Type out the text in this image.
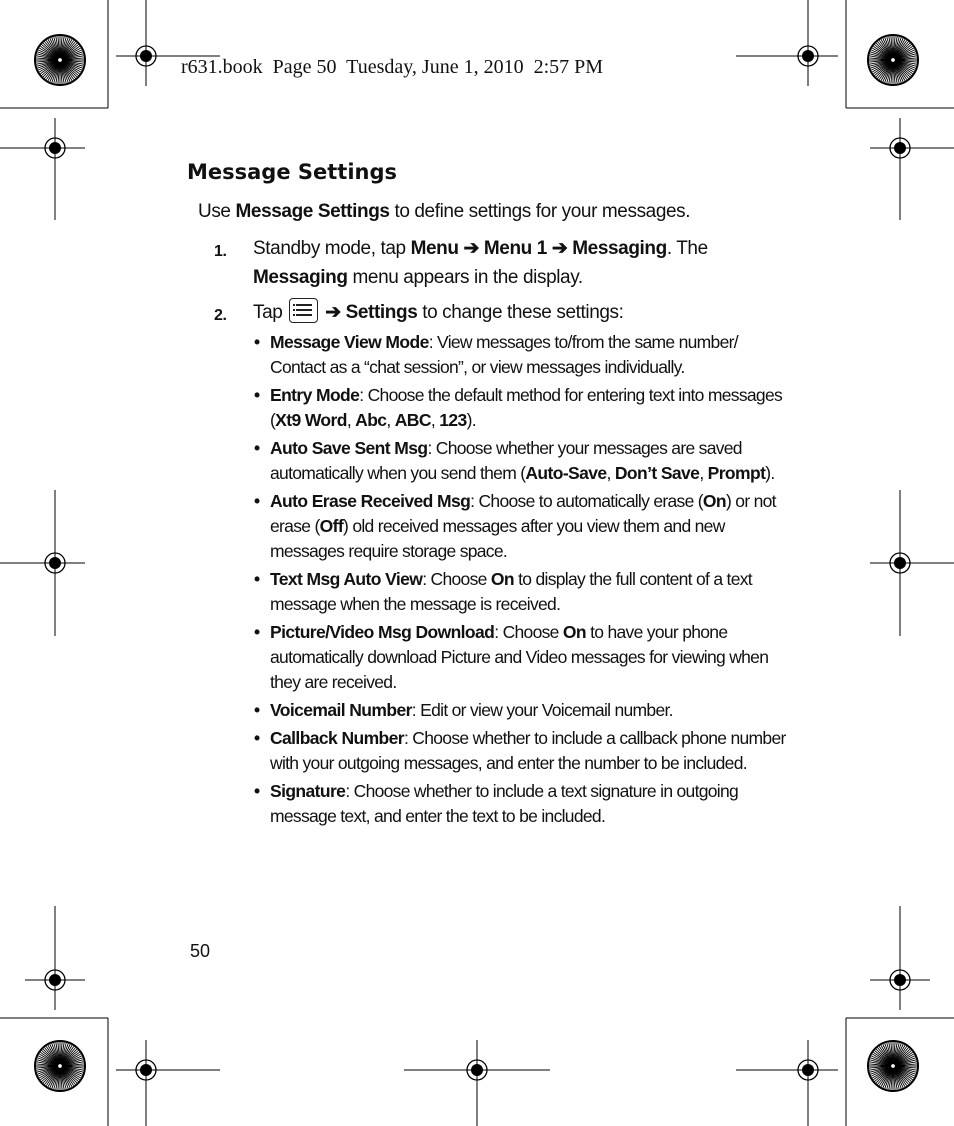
r631.book  Page 50  Tuesday, June 1, 2010  2:57 PM
Message Settings
Use Message Settings to define settings for your messages.
1. Standby mode, tap Menu ➔ Menu 1 ➔ Messaging. The
Messaging menu appears in the display.
2. Tap
➔ Settings to change these settings:
• Message View Mode: View messages to/from the same number/ Contact as a “chat session”, or view messages individually.
• Entry Mode: Choose the default method for entering text into messages (Xt9 Word, Abc, ABC, 123).
• Auto Save Sent Msg: Choose whether your messages are saved automatically when you send them (Auto-Save, Don’t Save, Prompt).
• Auto Erase Received Msg: Choose to automatically erase (On) or not erase (Off) old received messages after you view them and new messages require storage space.
• Text Msg Auto View: Choose On to display the full content of a text message when the message is received.
• Picture/Video Msg Download: Choose On to have your phone automatically download Picture and Video messages for viewing when they are received.
• Voicemail Number: Edit or view your Voicemail number.
• Callback Number: Choose whether to include a callback phone number with your outgoing messages, and enter the number to be included.
• Signature: Choose whether to include a text signature in outgoing message text, and enter the text to be included.
50
